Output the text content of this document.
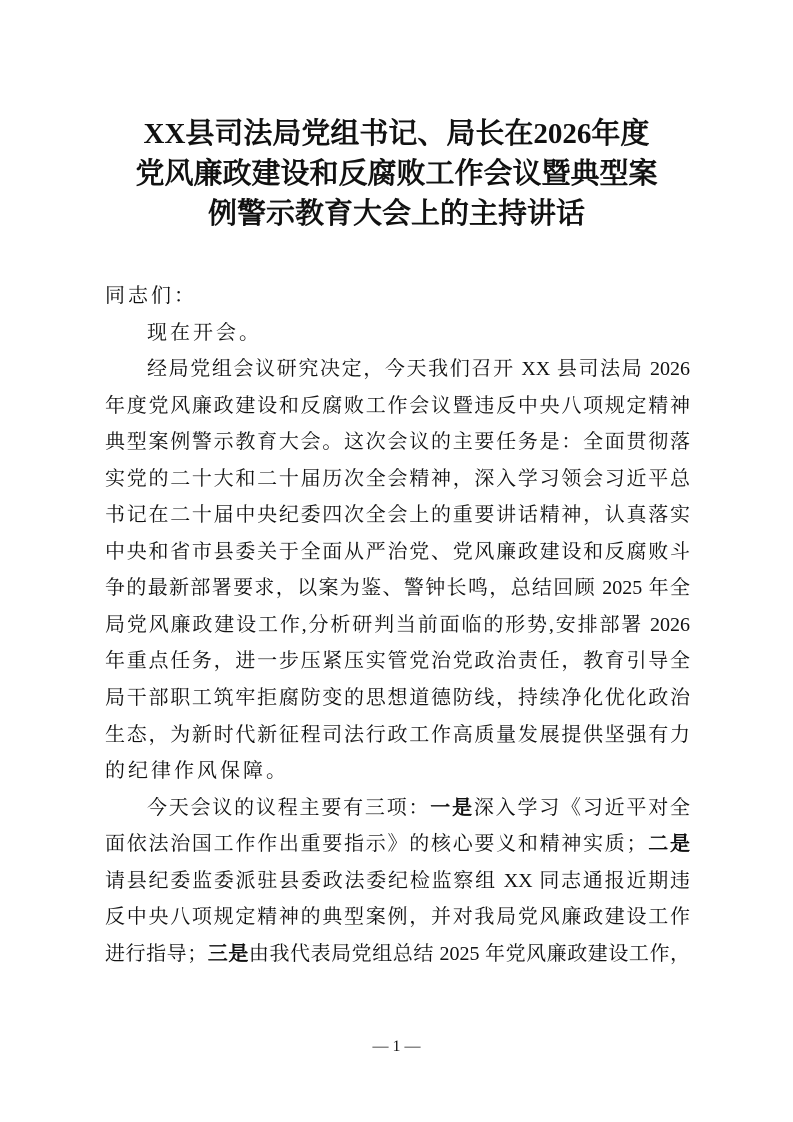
XX县司法局党组书记、局长在2026年度
党风廉政建设和反腐败工作会议暨典型案
例警示教育大会上的主持讲话
同志们：
现在开会。
经局党组会议研究决定，今天我们召开 XX 县司法局 2026
年度党风廉政建设和反腐败工作会议暨违反中央八项规定精神
典型案例警示教育大会。这次会议的主要任务是：全面贯彻落
实党的二十大和二十届历次全会精神，深入学习领会习近平总
书记在二十届中央纪委四次全会上的重要讲话精神，认真落实
中央和省市县委关于全面从严治党、党风廉政建设和反腐败斗
争的最新部署要求，以案为鉴、警钟长鸣，总结回顾 2025 年全
局党风廉政建设工作,分析研判当前面临的形势,安排部署 2026
年重点任务，进一步压紧压实管党治党政治责任，教育引导全
局干部职工筑牢拒腐防变的思想道德防线，持续净化优化政治
生态，为新时代新征程司法行政工作高质量发展提供坚强有力
的纪律作风保障。
今天会议的议程主要有三项：一是深入学习《习近平对全
面依法治国工作作出重要指示》的核心要义和精神实质；二是
请县纪委监委派驻县委政法委纪检监察组 XX 同志通报近期违
反中央八项规定精神的典型案例，并对我局党风廉政建设工作
进行指导；三是由我代表局党组总结 2025 年党风廉政建设工作，
— 1 —
